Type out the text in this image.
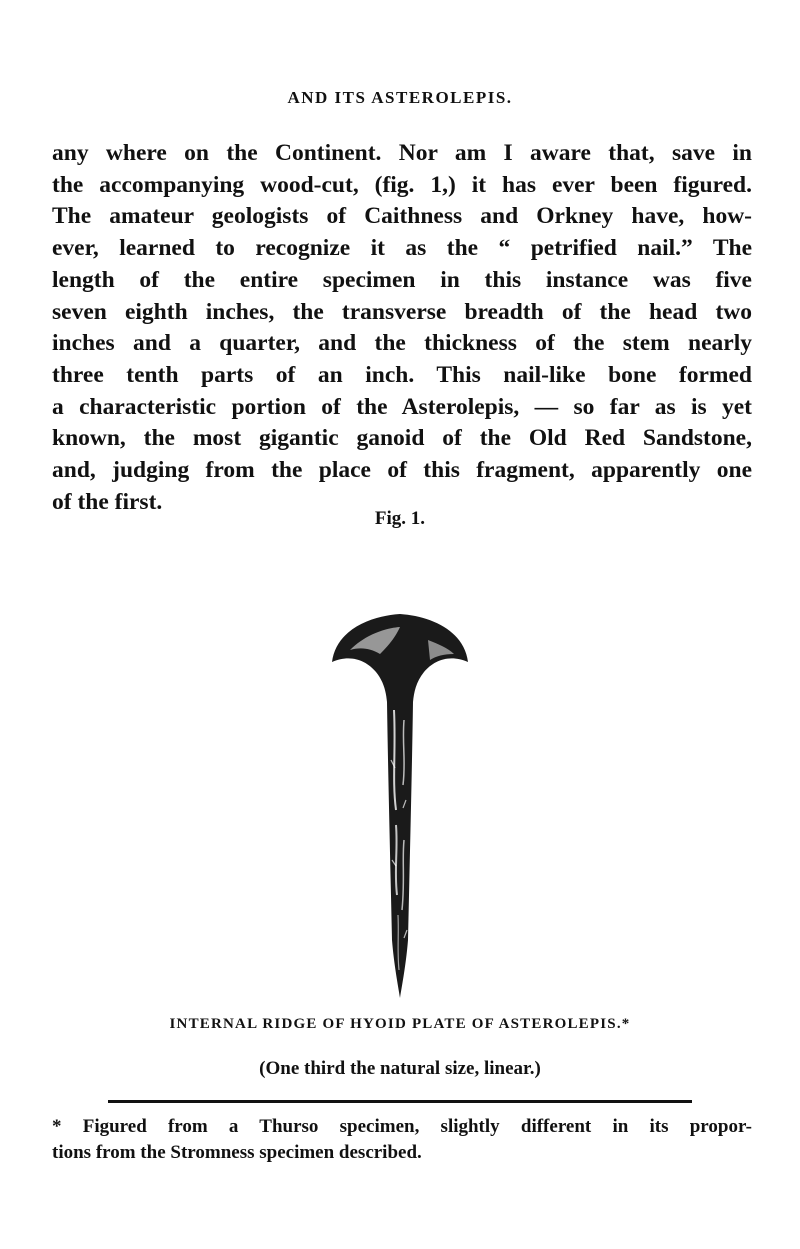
AND ITS ASTEROLEPIS.

any where on the Continent. Nor am I aware that, save in
the accompanying wood-cut, (fig. 1,) it has ever been figured.
The amateur geologists of Caithness and Orkney have, how-
ever, learned to recognize it as the “ petrified nail.” The
length of the entire specimen in this instance was five
seven eighth inches, the transverse breadth of the head two
inches and a quarter, and the thickness of the stem nearly
three tenth parts of an inch. This nail-like bone formed
a characteristic portion of the Asterolepis, — so far as is yet
known, the most gigantic ganoid of the Old Red Sandstone,
and, judging from the place of this fragment, apparently one
of the first.

Fig. 1.
INTERNAL RIDGE OF HYOID PLATE OF ASTEROLEPIS.*
(One third the natural size, linear.)
* Figured from a Thurso specimen, slightly different in its propor-
tions from the Stromness specimen described.
